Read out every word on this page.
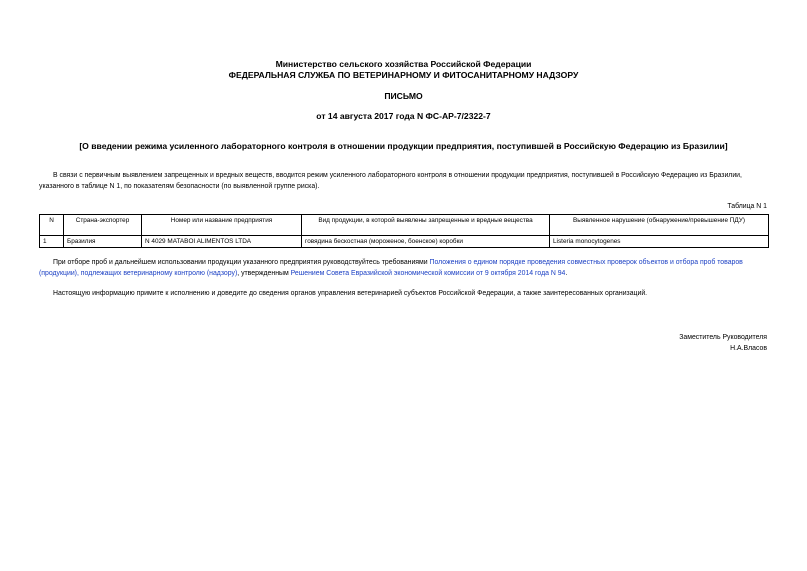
Министерство сельского хозяйства Российской Федерации
ФЕДЕРАЛЬНАЯ СЛУЖБА ПО ВЕТЕРИНАРНОМУ И ФИТОСАНИТАРНОМУ НАДЗОРУ
ПИСЬМО
от 14 августа 2017 года N ФС-АР-7/2322-7
[О введении режима усиленного лабораторного контроля в отношении продукции предприятия, поступившей в Российскую Федерацию из Бразилии]

В связи с первичным выявлением запрещенных и вредных веществ, вводится режим усиленного лабораторного контроля в отношении продукции предприятия, поступившей в Российскую Федерацию из Бразилии, указанного в таблице N 1, по показателям безопасности (по выявленной группе риска).

Таблица N 1
N	Страна-экспортер	Номер или название предприятия	Вид продукции, в которой выявлены запрещенные и вредные вещества	Выявленное нарушение (обнаружение/превышение ПДУ)
1	Бразилия	N 4029 MATABOI ALIMENTOS LTDA	говядина бескостная (мороженое, боенское) коробки	Listeria monocytogenes

При отборе проб и дальнейшем использовании продукции указанного предприятия руководствуйтесь требованиями Положения о едином порядке проведения совместных проверок объектов и отбора проб товаров (продукции), подлежащих ветеринарному контролю (надзору), утвержденным Решением Совета Евразийской экономической комиссии от 9 октября 2014 года N 94.

Настоящую информацию примите к исполнению и доведите до сведения органов управления ветеринарией субъектов Российской Федерации, а также заинтересованных организаций.

Заместитель Руководителя
Н.А.Власов
